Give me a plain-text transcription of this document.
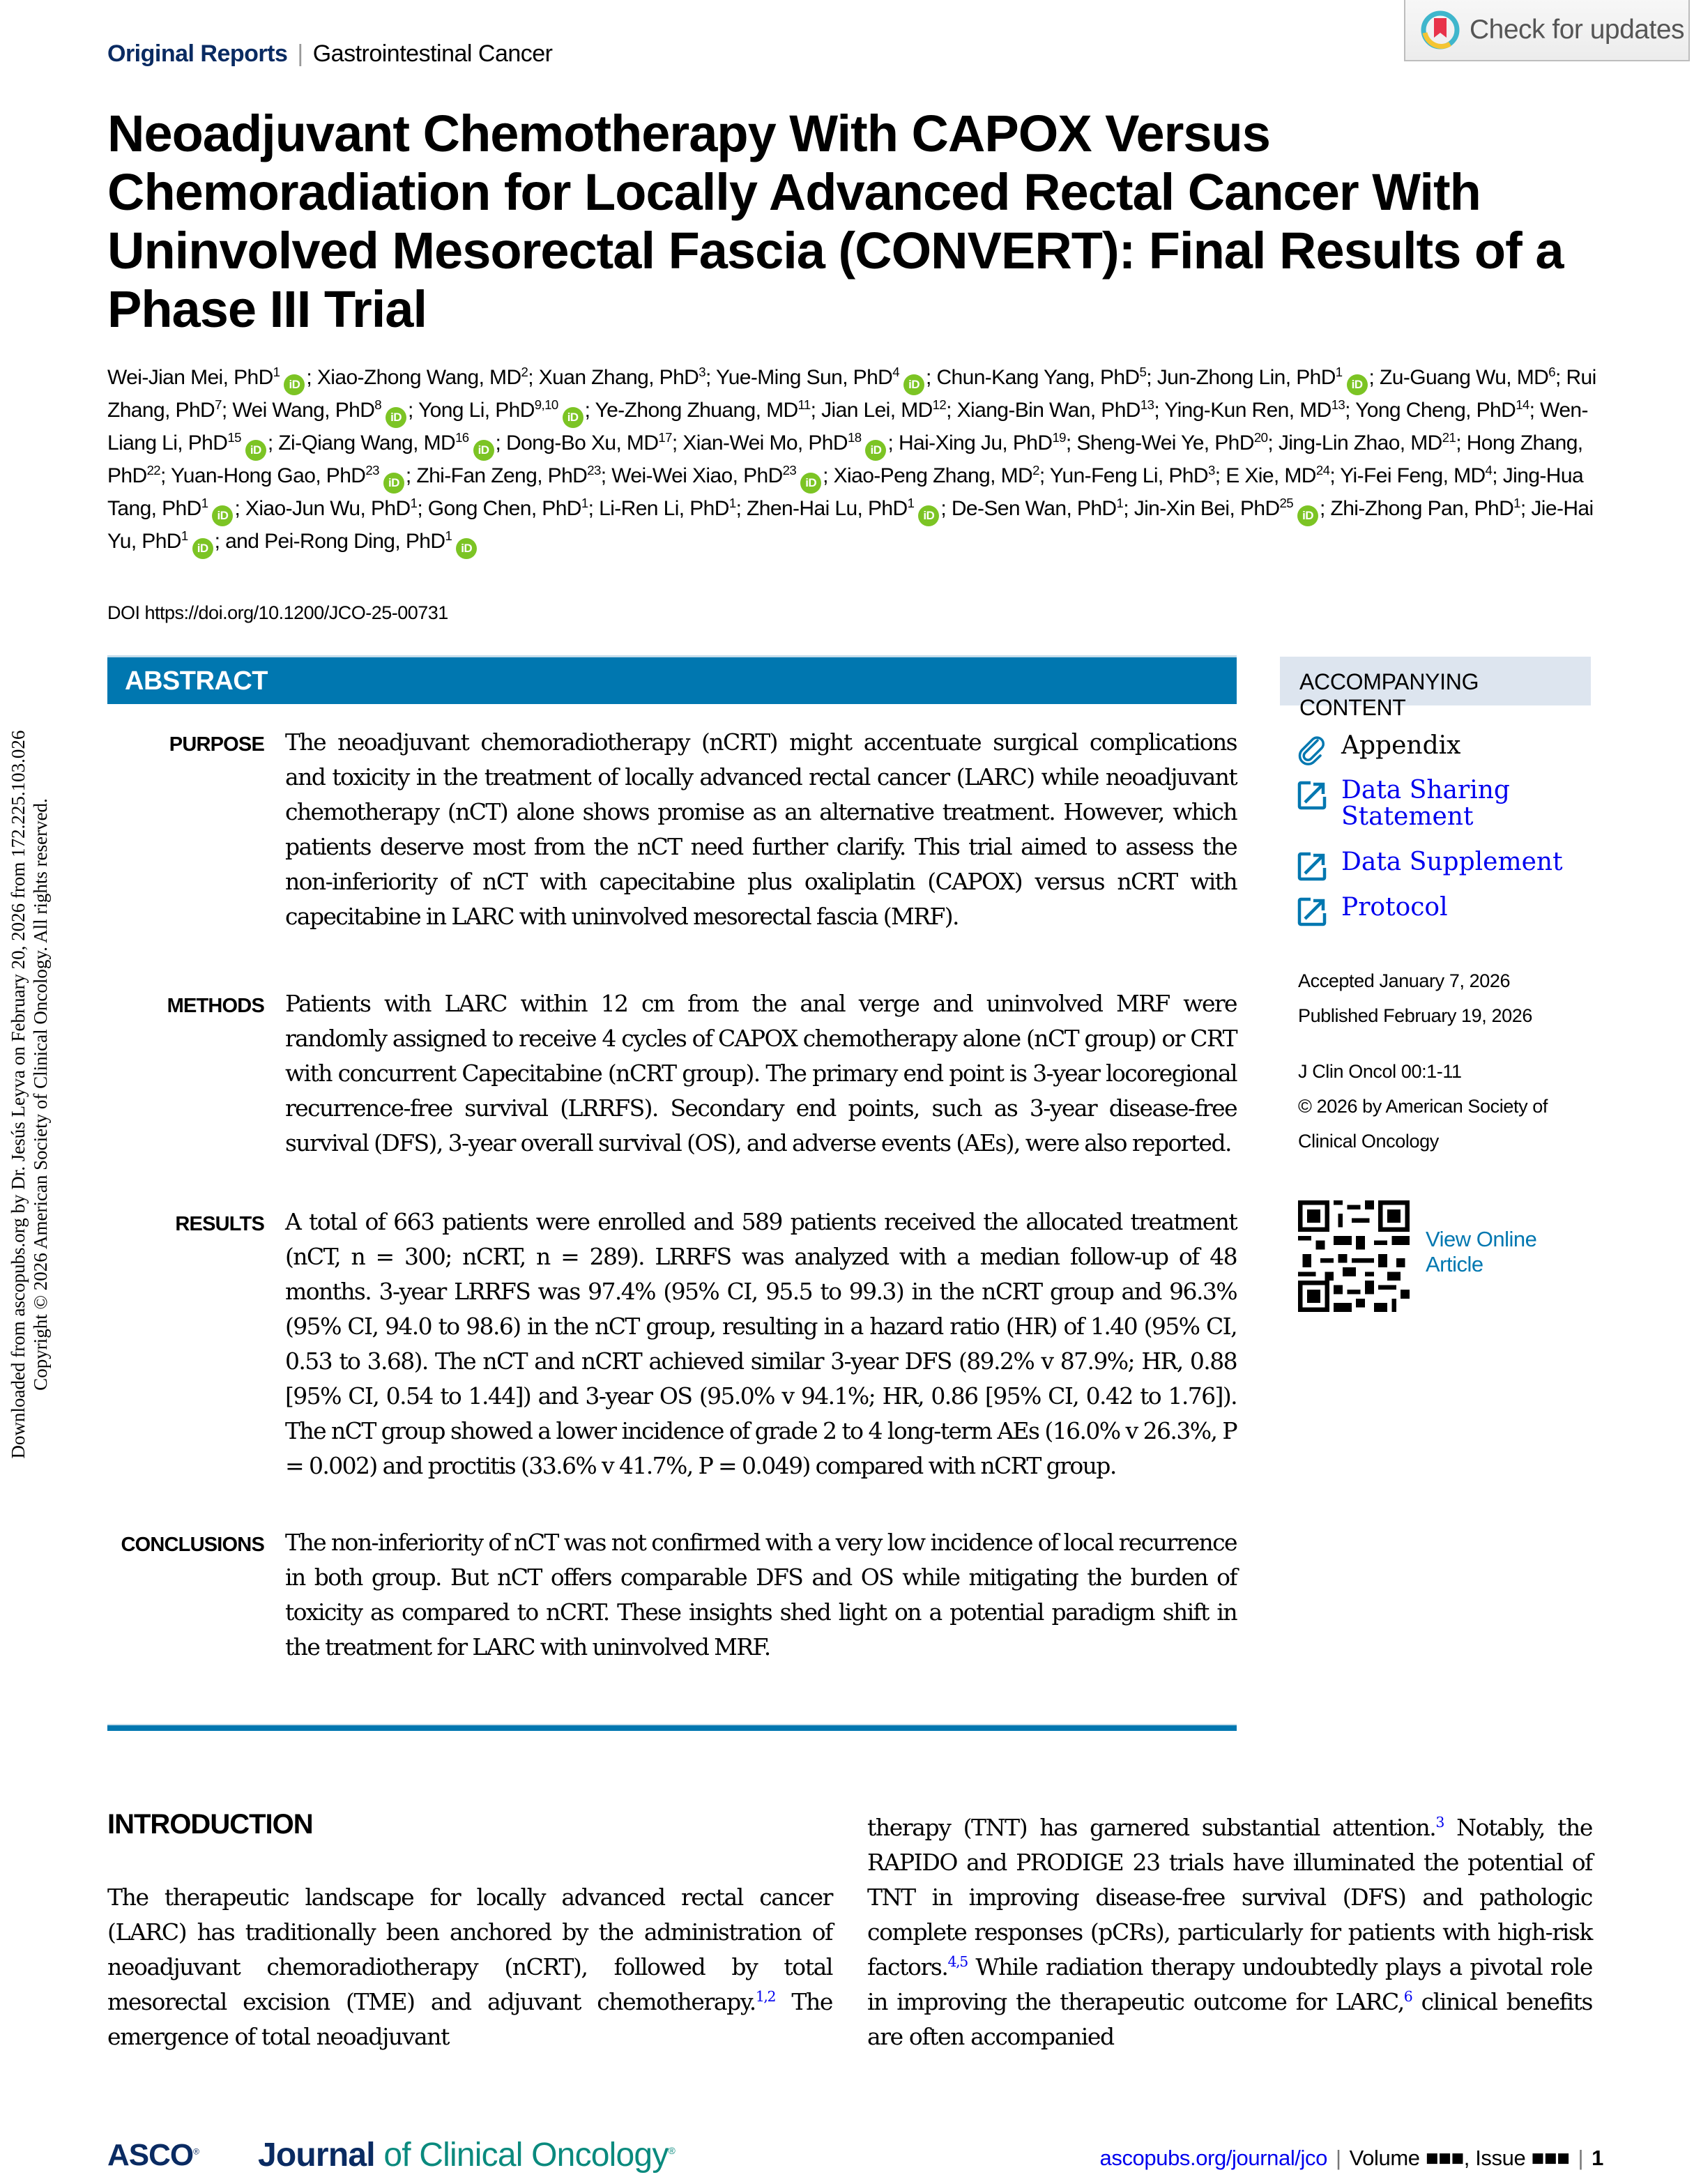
Original Reports | Gastrointestinal Cancer
Check for updates
Neoadjuvant Chemotherapy With CAPOX Versus Chemoradiation for Locally Advanced Rectal Cancer With Uninvolved Mesorectal Fascia (CONVERT): Final Results of a Phase III Trial
Wei-Jian Mei, PhD$^1$iD ; Xiao-Zhong Wang, $MD^2$; Xuan Zhang, PhD$^3$; Yue-Ming Sun, PhD$^4$iD ; Chun-Kang Yang, PhD$^5$; Jun-Zhong Lin, PhD$^1$iD ; Zu-Guang Wu, $MD^6$; Rui Zhang, PhD$^7$; Wei Wang, PhD$^8$iD ; Yong Li, PhD$^{9,10}$iD ; Ye-Zhong Zhuang, MD$^{11}$; Jian Lei, MD$^{12}$; Xiang-Bin Wan, PhD$^{13}$; Ying-Kun Ren, MD$^{13}$; Yong Cheng, PhD$^{14}$; Wen-Liang Li, PhD$^{15}$iD ; Zi-Qiang Wang, MD$^{16}$iD ; Dong-Bo Xu, MD$^{17}$; Xian-Wei Mo, PhD$^{18}$iD ; Hai-Xing Ju, PhD$^{19}$; Sheng-Wei Ye, PhD$^{20}$; Jing-Lin Zhao, MD$^{21}$; Hong Zhang, PhD$^{22}$; Yuan-Hong Gao, PhD$^{23}$iD ; Zhi-Fan Zeng, PhD$^{23}$; Wei-Wei Xiao, PhD$^{23}$iD ; Xiao-Peng Zhang, $MD^2$; Yun-Feng Li, PhD$^3$; E Xie, MD$^{24}$; Yi-Fei Feng, $MD^4$; Jing-Hua Tang, PhD$^1$iD ; Xiao-Jun Wu, PhD$^1$; Gong Chen, PhD$^1$; Li-Ren Li, PhD$^1$; Zhen-Hai Lu, PhD$^1$iD ; De-Sen Wan, PhD$^1$; Jin-Xin Bei, PhD$^{25}$iD ; Zhi-Zhong Pan, PhD$^1$; Jie-Hai Yu, PhD$^1$iD ; and Pei-Rong Ding, PhD$^1$iD
DOI https://doi.org/10.1200/JCO-25-00731
ABSTRACT
PURPOSE The neoadjuvant chemoradiotherapy (nCRT) might accentuate surgical complications and toxicity in the treatment of locally advanced rectal cancer (LARC) while neoadjuvant chemotherapy (nCT) alone shows promise as an alternative treatment. However, which patients deserve most from the nCT need further clarify. This trial aimed to assess the non-inferiority of nCT with capecitabine plus oxaliplatin (CAPOX) versus nCRT with capecitabine in LARC with uninvolved mesorectal fascia (MRF).
METHODS Patients with LARC within 12 cm from the anal verge and uninvolved MRF were randomly assigned to receive 4 cycles of CAPOX chemotherapy alone (nCT group) or CRT with concurrent Capecitabine (nCRT group). The primary end point is 3-year locoregional recurrence-free survival (LRRFS). Secondary end points, such as 3-year disease-free survival (DFS), 3-year overall survival (OS), and adverse events (AEs), were also reported.
RESULTS A total of 663 patients were enrolled and 589 patients received the allocated treatment (nCT, n = 300; nCRT, n = 289). LRRFS was analyzed with a median follow-up of 48 months. 3-year LRRFS was 97.4% (95% CI, 95.5 to 99.3) in the nCRT group and 96.3% (95% CI, 94.0 to 98.6) in the nCT group, resulting in a hazard ratio (HR) of 1.40 (95% CI, 0.53 to 3.68). The nCT and nCRT achieved similar 3-year DFS (89.2% v 87.9%; HR, 0.88 [95% CI, 0.54 to 1.44]) and 3-year OS (95.0% v 94.1%; HR, 0.86 [95% CI, 0.42 to 1.76]). The nCT group showed a lower incidence of grade 2 to 4 long-term AEs (16.0% v 26.3%, P = 0.002) and proctitis (33.6% v 41.7%, P = 0.049) compared with nCRT group.
CONCLUSIONS The non-inferiority of nCT was not confirmed with a very low incidence of local recurrence in both group. But nCT offers comparable DFS and OS while mitigating the burden of toxicity as compared to nCRT. These insights shed light on a potential paradigm shift in the treatment for LARC with uninvolved MRF.
ACCOMPANYING CONTENT
Appendix
Data Sharing Statement
Data Supplement
Protocol
Accepted January 7, 2026
Published February 19, 2026
J Clin Oncol 00:1-11
© 2026 by American Society of
Clinical Oncology
View Online
Article
Downloaded from ascopubs.org by Dr. Jesús Leyva on February 20, 2026 from 172.225.103.026 Copyright © 2026 American Society of Clinical Oncology. All rights reserved.
INTRODUCTION
The therapeutic landscape for locally advanced rectal cancer (LARC) has traditionally been anchored by the administration of neoadjuvant chemoradiotherapy (nCRT), followed by total mesorectal excision (TME) and adjuvant chemotherapy.$^{1,2}$ The emergence of total neoadjuvant
therapy (TNT) has garnered substantial attention.$^3$ Notably, the RAPIDO and PRODIGE 23 trials have illuminated the potential of TNT in improving disease-free survival (DFS) and pathologic complete responses (pCRs), particularly for patients with high-risk factors.$^{4,5}$ While radiation therapy undoubtedly plays a pivotal role in improving the therapeutic outcome for LARC,$^6$ clinical benefits are often accompanied
ASCO® Journal of Clinical Oncology®	ascopubs.org/journal/jco | Volume ■■■, Issue ■■■ | 1
